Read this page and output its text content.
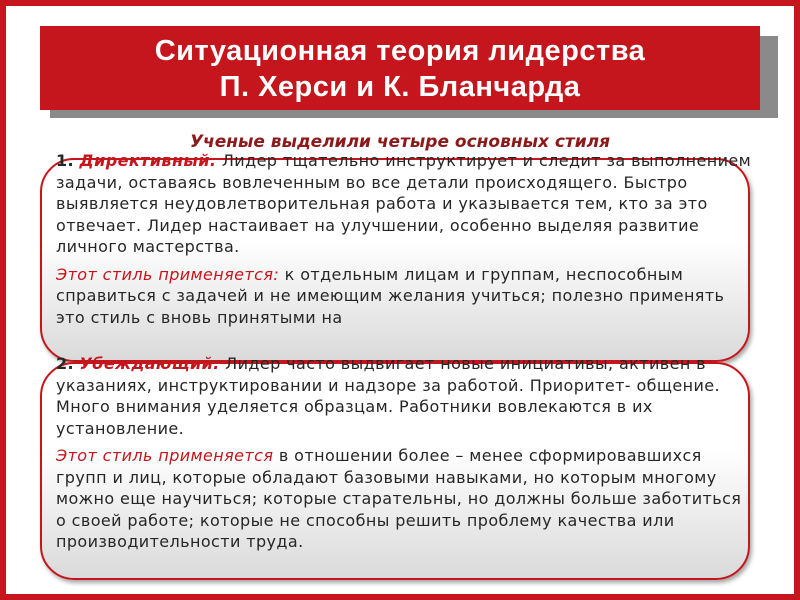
Ситуационная теория лидерства
П. Херси и К. Бланчарда
Ученые выделили четыре основных стиля

1. Директивный. Лидер тщательно инструктирует и следит за выполнением задачи, оставаясь вовлеченным во все детали происходящего. Быстро выявляется неудовлетворительная работа и указывается тем, кто за это отвечает. Лидер настаивает на улучшении, особенно выделяя развитие личного мастерства.

Этот стиль применяется: к отдельным лицам и группам, неспособным справиться с задачей и не имеющим желания учиться; полезно применять это стиль с вновь принятыми на

2. Убеждающий. Лидер часто выдвигает новые инициативы, активен в указаниях, инструктировании и надзоре за работой. Приоритет- общение. Много внимания уделяется образцам. Работники вовлекаются в их установление.

Этот стиль применяется в отношении более – менее сформировавшихся групп и лиц, которые обладают базовыми навыками, но которым многому можно еще научиться; которые старательны, но должны больше заботиться о своей работе; которые не способны решить проблему качества или производительности труда.
